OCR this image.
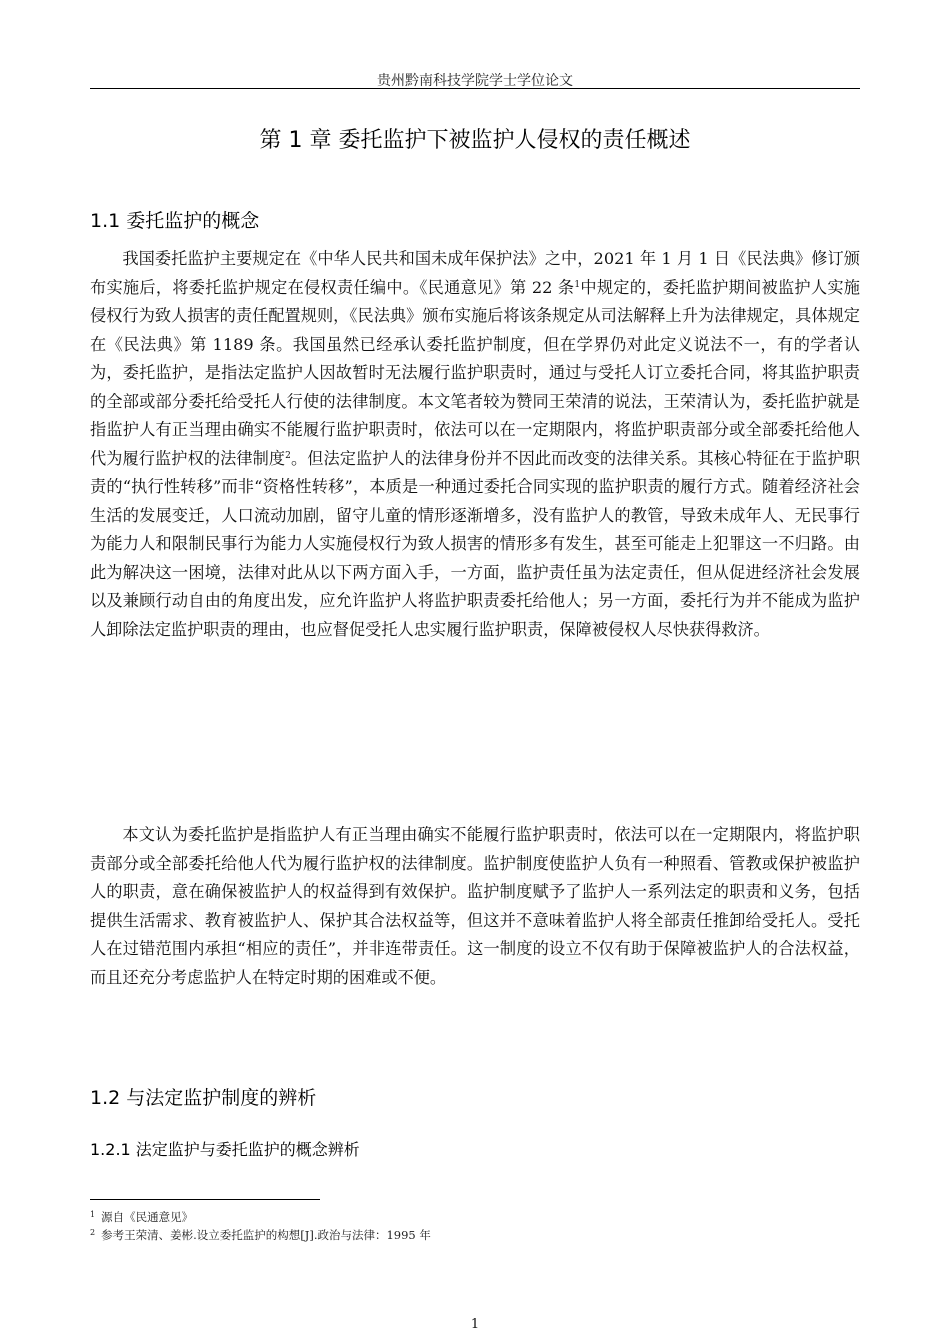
贵州黔南科技学院学士学位论文
第 1 章 委托监护下被监护人侵权的责任概述
1.1 委托监护的概念

我国委托监护主要规定在《中华人民共和国未成年保护法》之中，2021 年 1 月 1 日《民法典》修订颁布实施后，将委托监护规定在侵权责任编中。《民通意见》第 22 条$^1$中规定的，委托监护期间被监护人实施侵权行为致人损害的责任配置规则，《民法典》颁布实施后将该条规定从司法解释上升为法律规定，具体规定在《民法典》第 1189 条。我国虽然已经承认委托监护制度，但在学界仍对此定义说法不一，有的学者认为，委托监护，是指法定监护人因故暂时无法履行监护职责时，通过与受托人订立委托合同，将其监护职责的全部或部分委托给受托人行使的法律制度。本文笔者较为赞同王荣清的说法，王荣清认为，委托监护就是指监护人有正当理由确实不能履行监护职责时，依法可以在一定期限内，将监护职责部分或全部委托给他人代为履行监护权的法律制度$^2$。但法定监护人的法律身份并不因此而改变的法律关系。其核心特征在于监护职责的“执行性转移”而非“资格性转移”，本质是一种通过委托合同实现的监护职责的履行方式。随着经济社会生活的发展变迁，人口流动加剧，留守儿童的情形逐渐增多，没有监护人的教管，导致未成年人、无民事行为能力人和限制民事行为能力人实施侵权行为致人损害的情形多有发生，甚至可能走上犯罪这一不归路。由此为解决这一困境，法律对此从以下两方面入手，一方面，监护责任虽为法定责任，但从促进经济社会发展以及兼顾行动自由的角度出发，应允许监护人将监护职责委托给他人；另一方面，委托行为并不能成为监护人卸除法定监护职责的理由，也应督促受托人忠实履行监护职责，保障被侵权人尽快获得救济。

本文认为委托监护是指监护人有正当理由确实不能履行监护职责时，依法可以在一定期限内，将监护职责部分或全部委托给他人代为履行监护权的法律制度。监护制度使监护人负有一种照看、管教或保护被监护人的职责，意在确保被监护人的权益得到有效保护。监护制度赋予了监护人一系列法定的职责和义务，包括提供生活需求、教育被监护人、保护其合法权益等，但这并不意味着监护人将全部责任推卸给受托人。受托人在过错范围内承担“相应的责任”，并非连带责任。这一制度的设立不仅有助于保障被监护人的合法权益，而且还充分考虑监护人在特定时期的困难或不便。

1.2 与法定监护制度的辨析
1.2.1 法定监护与委托监护的概念辨析
$^1$ 源自《民通意见》
$^2$ 参考王荣清、姜彬.设立委托监护的构想[J].政治与法律：1995 年
1
